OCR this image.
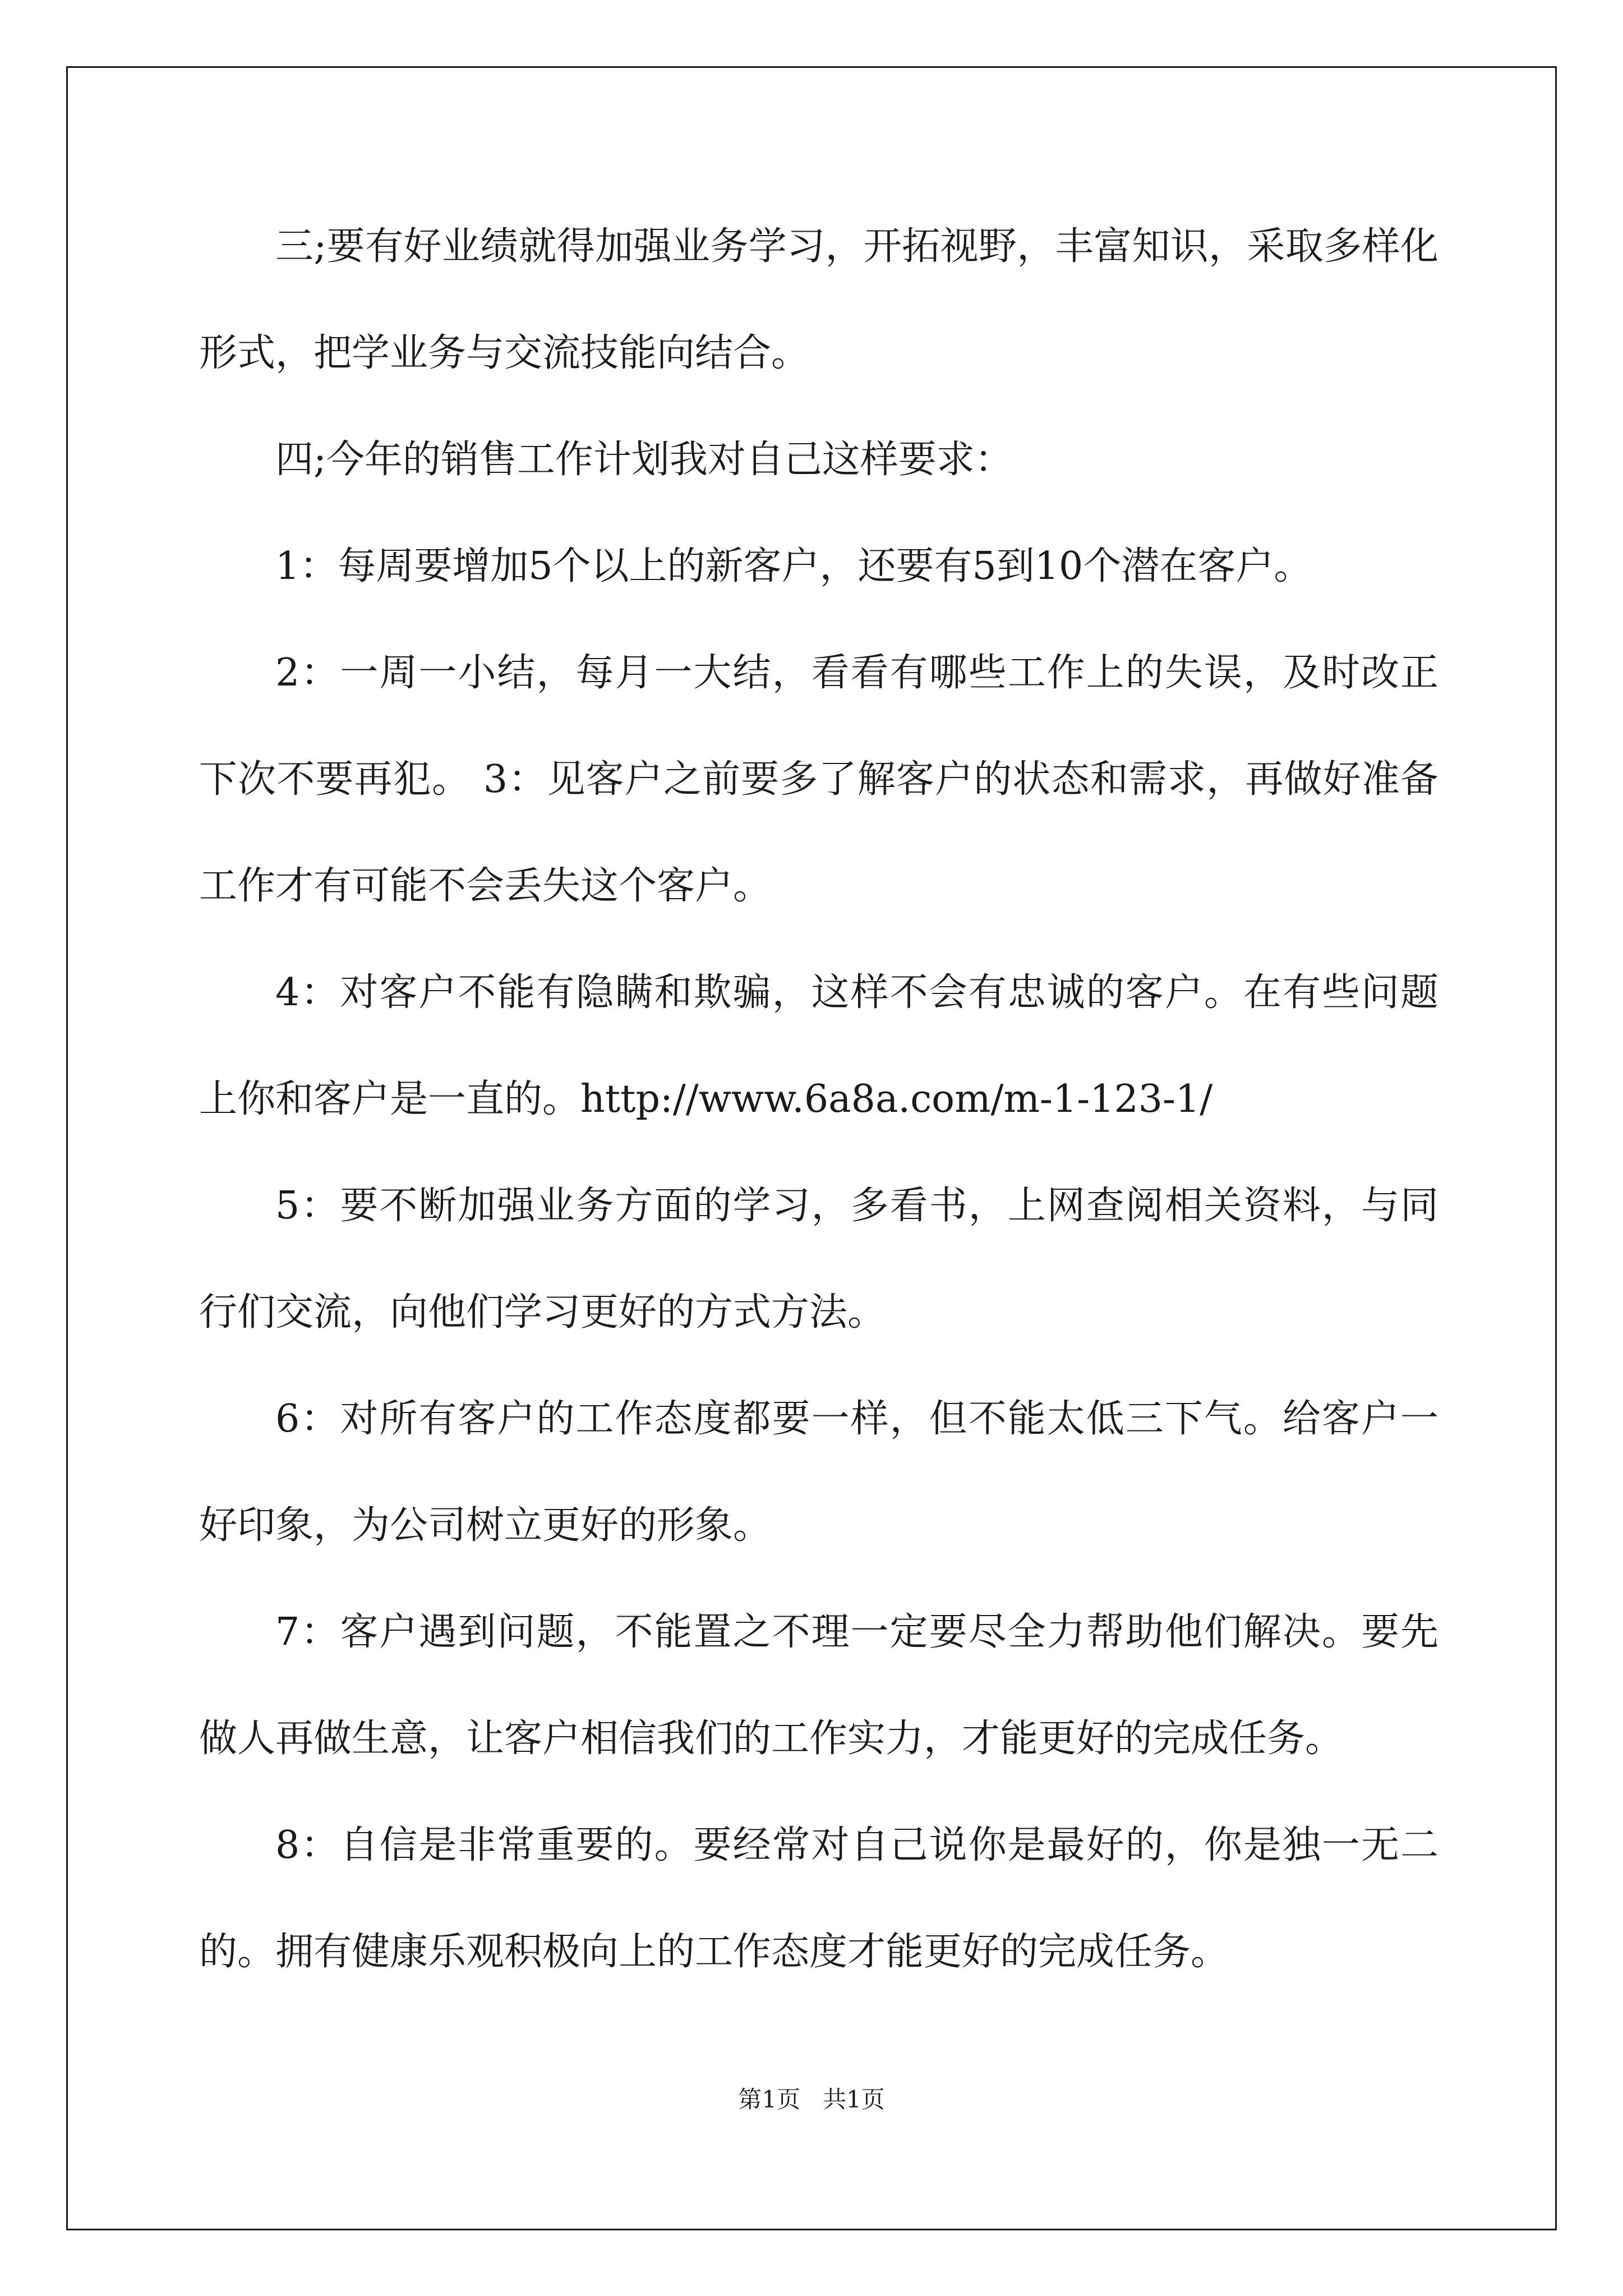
三;要有好业绩就得加强业务学习，开拓视野，丰富知识，采取多样化形式，把学业务与交流技能向结合。

四;今年的销售工作计划我对自己这样要求：

1：每周要增加5个以上的新客户，还要有5到10个潜在客户。

2：一周一小结，每月一大结，看看有哪些工作上的失误，及时改正下次不要再犯。 3：见客户之前要多了解客户的状态和需求，再做好准备工作才有可能不会丢失这个客户。

4：对客户不能有隐瞒和欺骗，这样不会有忠诚的客户。在有些问题上你和客户是一直的。http://www.6a8a.com/m-1-123-1/

5：要不断加强业务方面的学习，多看书，上网查阅相关资料，与同行们交流，向他们学习更好的方式方法。

6：对所有客户的工作态度都要一样，但不能太低三下气。给客户一好印象，为公司树立更好的形象。

7：客户遇到问题，不能置之不理一定要尽全力帮助他们解决。要先做人再做生意，让客户相信我们的工作实力，才能更好的完成任务。

8：自信是非常重要的。要经常对自己说你是最好的，你是独一无二的。拥有健康乐观积极向上的工作态度才能更好的完成任务。

第1页   共1页
